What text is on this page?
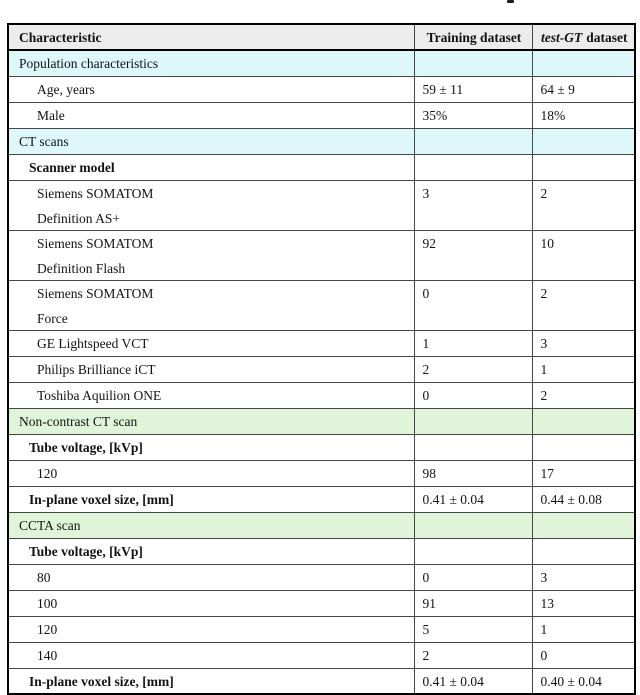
Characteristic	Training dataset	test-GT dataset
Population characteristics		
Age, years	59 ± 11	64 ± 9
Male	35%	18%
CT scans		
Scanner model		

Siemens SOMATOM
Definition AS+	3	2

Siemens SOMATOM
Definition Flash	92	10

Siemens SOMATOM
Force	0	2
GE Lightspeed VCT	1	3
Philips Brilliance iCT	2	1
Toshiba Aquilion ONE	0	2
Non-contrast CT scan		
Tube voltage, [kVp]		
120	98	17
In-plane voxel size, [mm]	0.41 ± 0.04	0.44 ± 0.08
CCTA scan		
Tube voltage, [kVp]		
80	0	3
100	91	13
120	5	1
140	2	0
In-plane voxel size, [mm]	0.41 ± 0.04	0.40 ± 0.04
